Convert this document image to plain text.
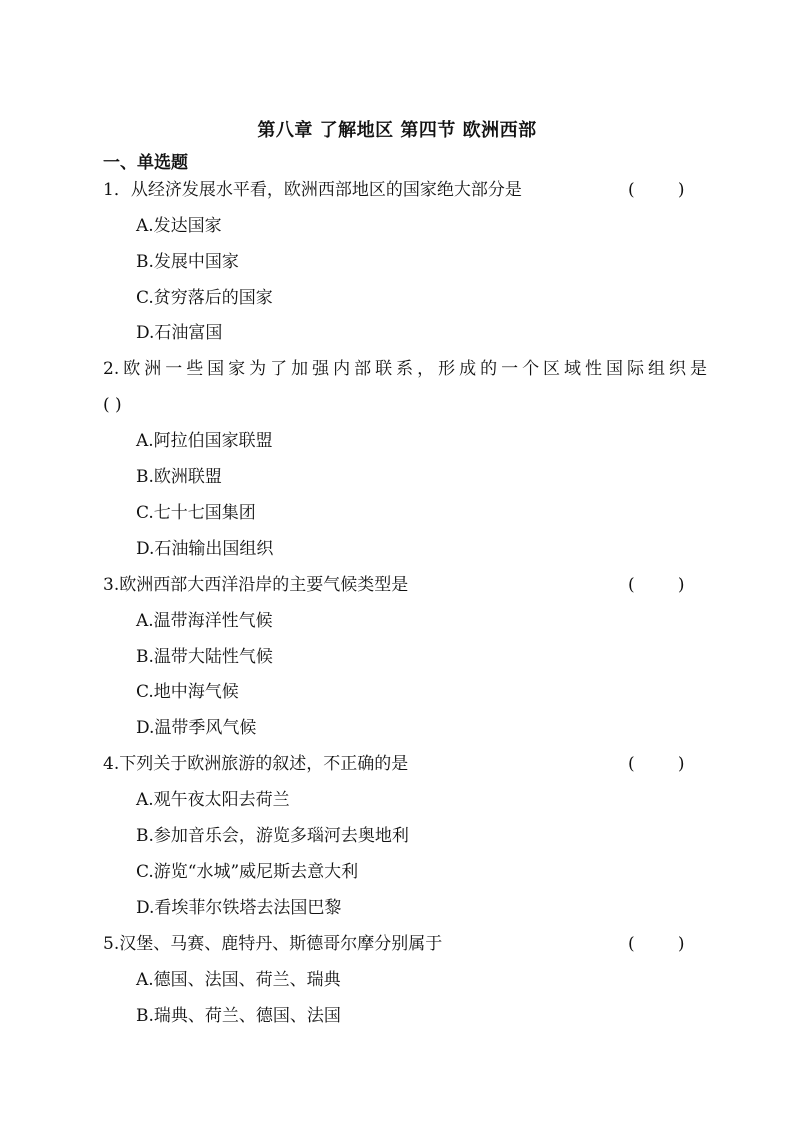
第八章 了解地区 第四节 欧洲西部
一、单选题
1．从经济发展水平看，欧洲西部地区的国家绝大部分是	(        )
A.发达国家
B.发展中国家
C.贫穷落后的国家
D.石油富国
2.欧洲一些国家为了加强内部联系，形成的一个区域性国际组织是
( )
A.阿拉伯国家联盟
B.欧洲联盟
C.七十七国集团
D.石油输出国组织
3.欧洲西部大西洋沿岸的主要气候类型是	(        )
A.温带海洋性气候
B.温带大陆性气候
C.地中海气候
D.温带季风气候
4.下列关于欧洲旅游的叙述，不正确的是	(        )
A.观午夜太阳去荷兰
B.参加音乐会，游览多瑙河去奥地利
C.游览“水城”威尼斯去意大利
D.看埃菲尔铁塔去法国巴黎
5.汉堡、马赛、鹿特丹、斯德哥尔摩分别属于	(        )
A.德国、法国、荷兰、瑞典
B.瑞典、荷兰、德国、法国
